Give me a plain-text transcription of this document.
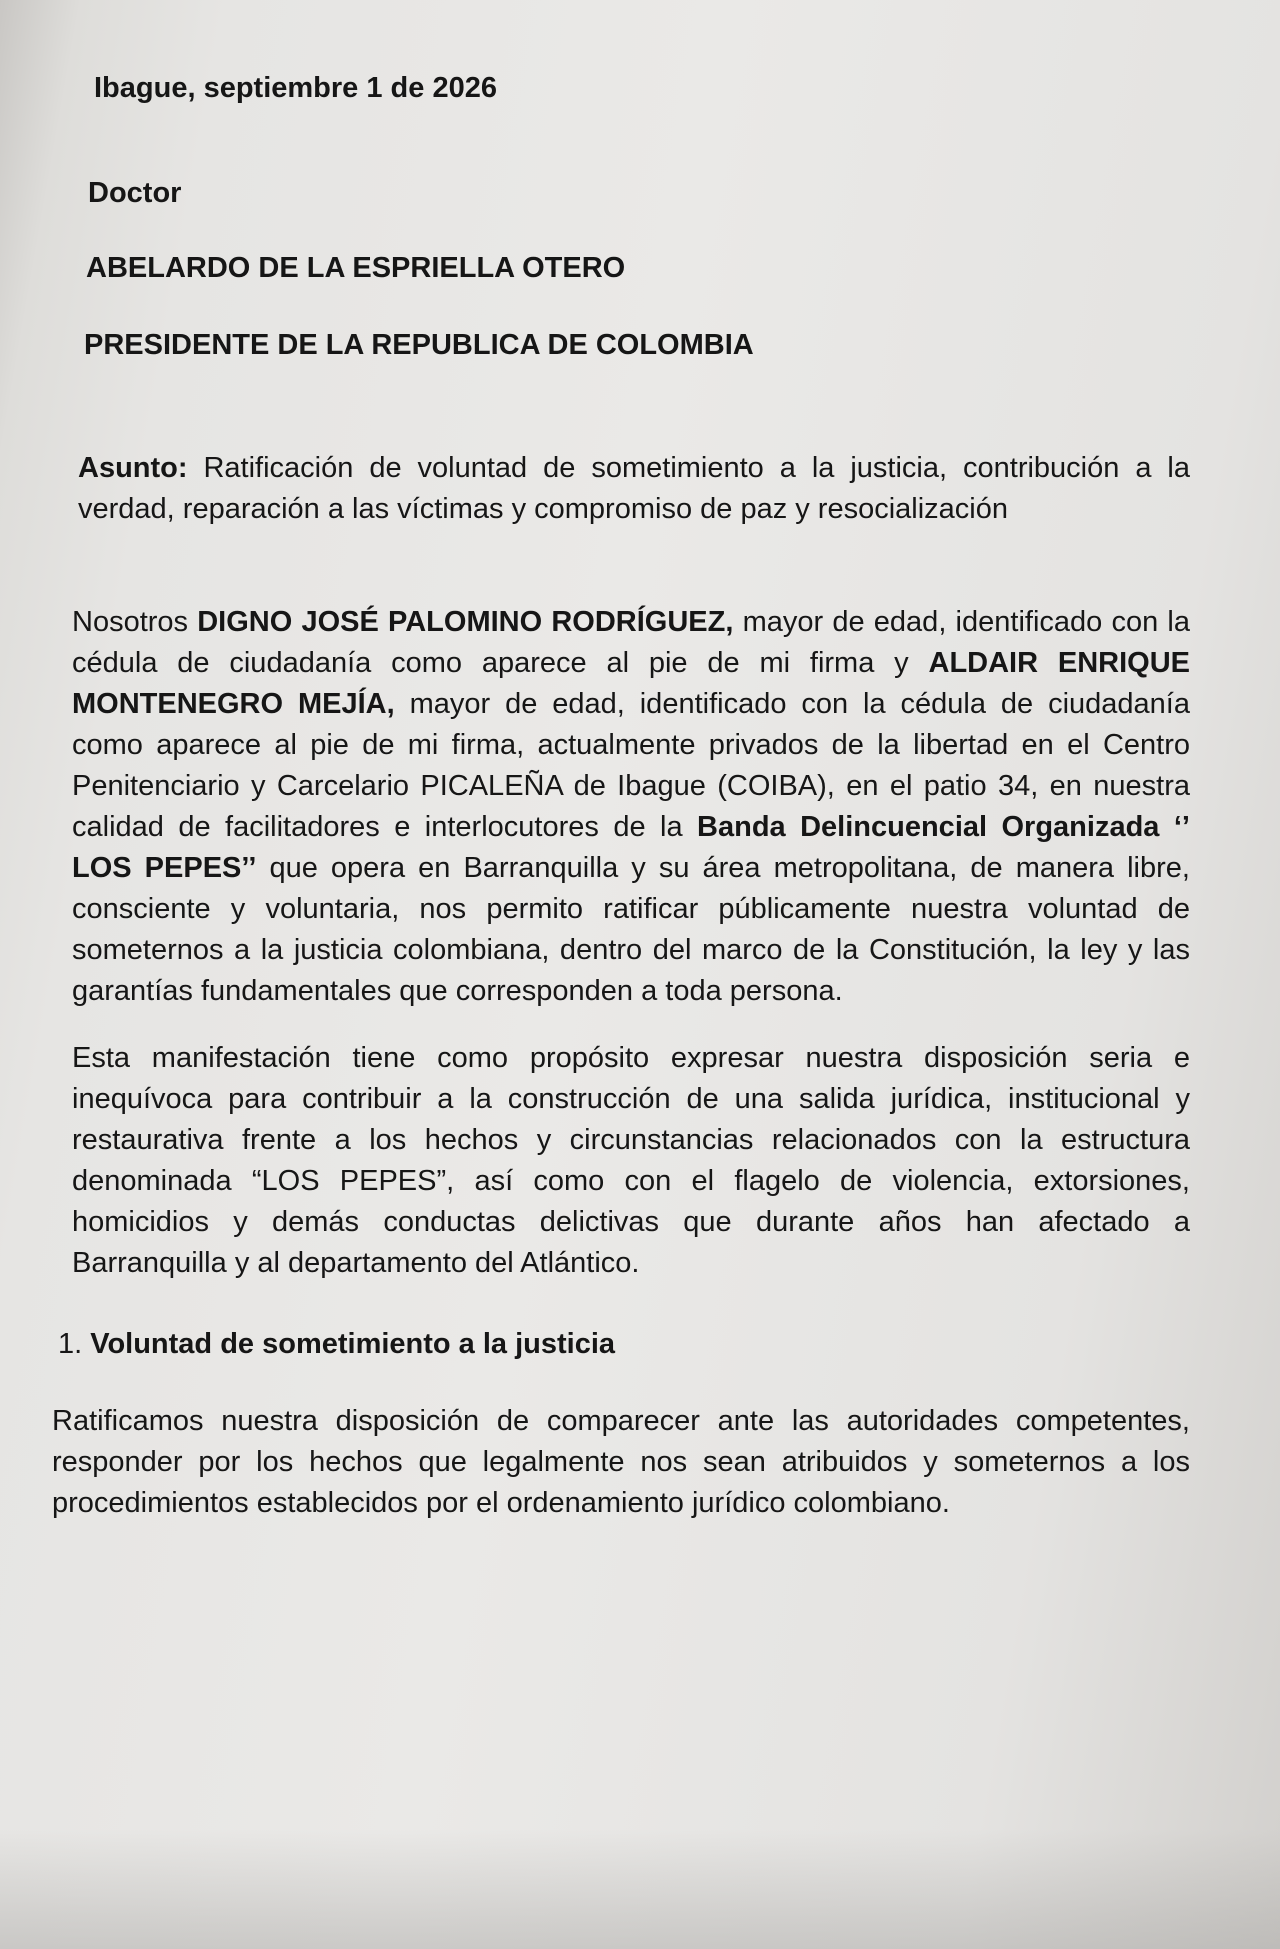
Ibague, septiembre 1 de 2026

Doctor

ABELARDO DE LA ESPRIELLA OTERO

PRESIDENTE DE LA REPUBLICA DE COLOMBIA

Asunto: Ratificación de voluntad de sometimiento a la justicia, contribución a la verdad, reparación a las víctimas y compromiso de paz y resocialización

Nosotros DIGNO JOSÉ PALOMINO RODRÍGUEZ, mayor de edad, identificado con la cédula de ciudadanía como aparece al pie de mi firma y ALDAIR ENRIQUE MONTENEGRO MEJÍA, mayor de edad, identificado con la cédula de ciudadanía como aparece al pie de mi firma, actualmente privados de la libertad en el Centro Penitenciario y Carcelario PICALEÑA de Ibague (COIBA), en el patio 34, en nuestra calidad de facilitadores e interlocutores de la Banda Delincuencial Organizada ‘’ LOS PEPES’’ que opera en Barranquilla y su área metropolitana, de manera libre, consciente y voluntaria, nos permito ratificar públicamente nuestra voluntad de someternos a la justicia colombiana, dentro del marco de la Constitución, la ley y las garantías fundamentales que corresponden a toda persona.

Esta manifestación tiene como propósito expresar nuestra disposición seria e inequívoca para contribuir a la construcción de una salida jurídica, institucional y restaurativa frente a los hechos y circunstancias relacionados con la estructura denominada “LOS PEPES”, así como con el flagelo de violencia, extorsiones, homicidios y demás conductas delictivas que durante años han afectado a Barranquilla y al departamento del Atlántico.

1. Voluntad de sometimiento a la justicia

Ratificamos nuestra disposición de comparecer ante las autoridades competentes, responder por los hechos que legalmente nos sean atribuidos y someternos a los procedimientos establecidos por el ordenamiento jurídico colombiano.
